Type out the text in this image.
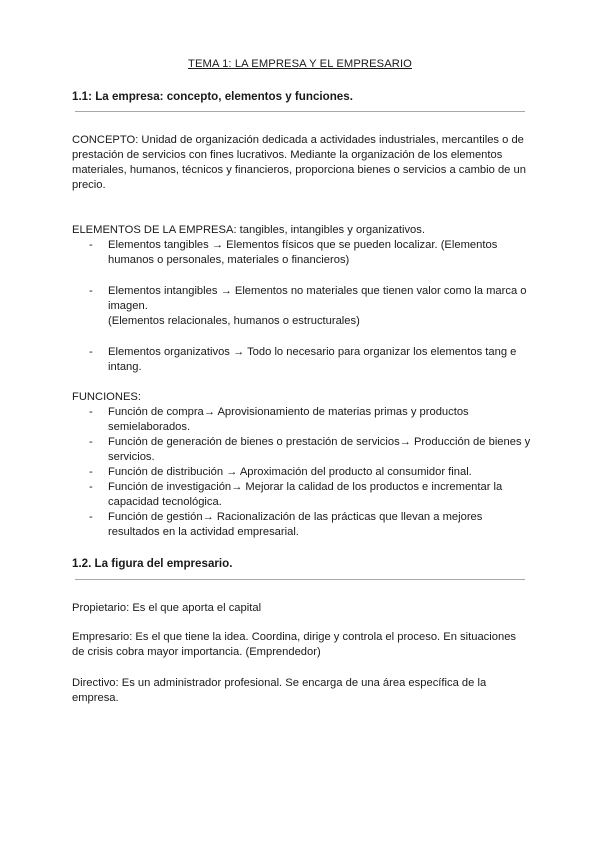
TEMA 1: LA EMPRESA Y EL EMPRESARIO
1.1: La empresa: concepto, elementos y funciones.
CONCEPTO: Unidad de organización dedicada a actividades industriales, mercantiles o de
prestación de servicios con fines lucrativos. Mediante la organización de los elementos
materiales, humanos, técnicos y financieros, proporciona bienes o servicios a cambio de un
precio.
ELEMENTOS DE LA EMPRESA: tangibles, intangibles y organizativos.
-	Elementos tangibles → Elementos físicos que se pueden localizar. (Elementos
humanos o personales, materiales o financieros)
-	Elementos intangibles → Elementos no materiales que tienen valor como la marca o
imagen.
(Elementos relacionales, humanos o estructurales)
-	Elementos organizativos → Todo lo necesario para organizar los elementos tang e
intang.
FUNCIONES:
-	Función de compra→ Aprovisionamiento de materias primas y productos
semielaborados.
-	Función de generación de bienes o prestación de servicios→ Producción de bienes y
servicios.
-	Función de distribución → Aproximación del producto al consumidor final.
-	Función de investigación→ Mejorar la calidad de los productos e incrementar la
capacidad tecnológica.
-	Función de gestión→ Racionalización de las prácticas que llevan a mejores
resultados en la actividad empresarial.
1.2. La figura del empresario.
Propietario: Es el que aporta el capital
Empresario: Es el que tiene la idea. Coordina, dirige y controla el proceso. En situaciones
de crisis cobra mayor importancia. (Emprendedor)
Directivo: Es un administrador profesional. Se encarga de una área específica de la
empresa.
